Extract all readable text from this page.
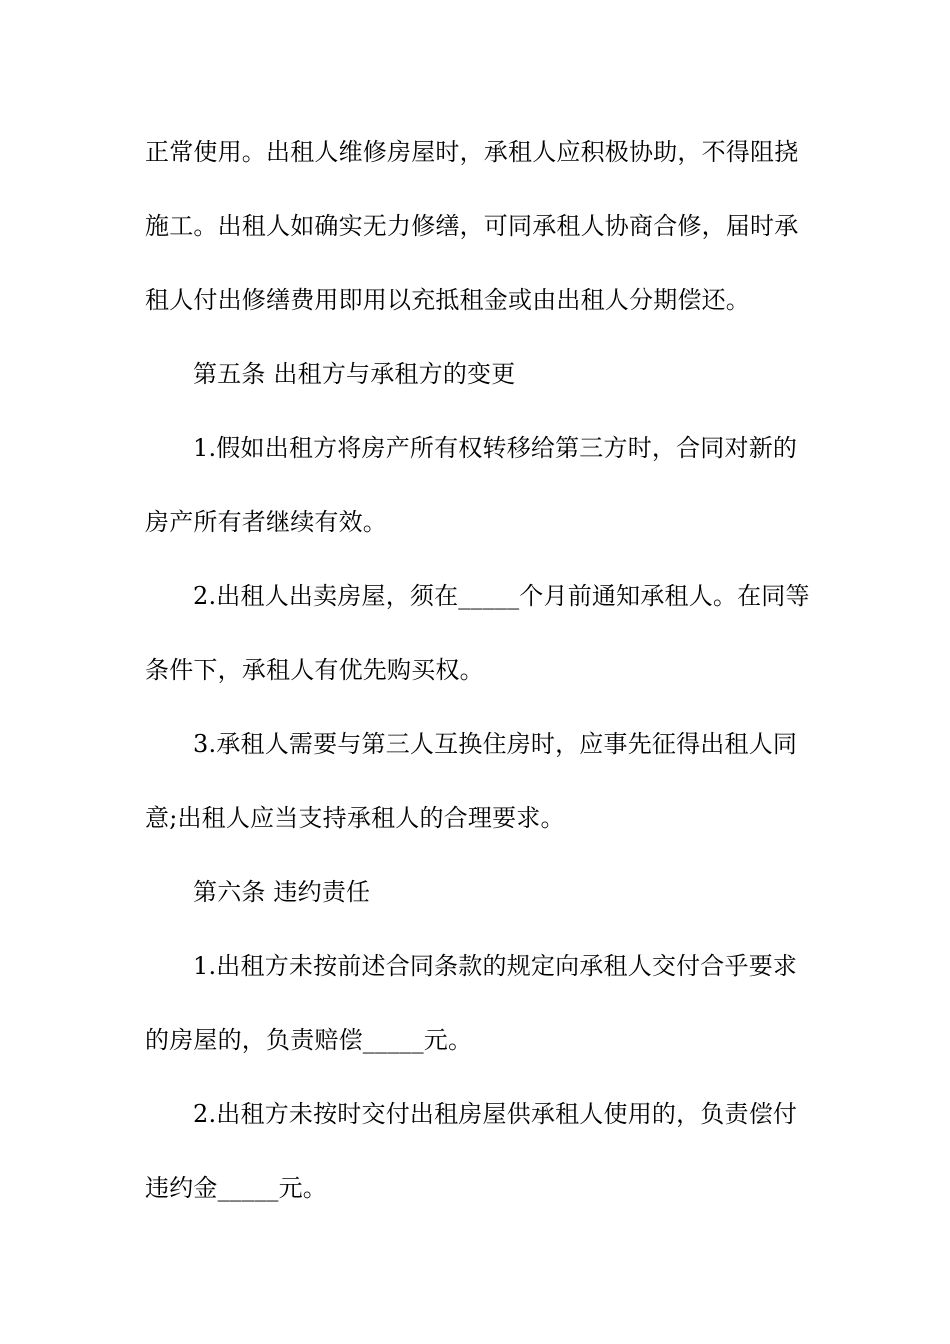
正常使用。出租人维修房屋时，承租人应积极协助，不得阻挠
施工。出租人如确实无力修缮，可同承租人协商合修，届时承
租人付出修缮费用即用以充抵租金或由出租人分期偿还。
第五条 出租方与承租方的变更
1.假如出租方将房产所有权转移给第三方时，合同对新的
房产所有者继续有效。
2.出租人出卖房屋，须在_____个月前通知承租人。在同等
条件下，承租人有优先购买权。
3.承租人需要与第三人互换住房时，应事先征得出租人同
意;出租人应当支持承租人的合理要求。
第六条 违约责任
1.出租方未按前述合同条款的规定向承租人交付合乎要求
的房屋的，负责赔偿_____元。
2.出租方未按时交付出租房屋供承租人使用的，负责偿付
违约金_____元。
